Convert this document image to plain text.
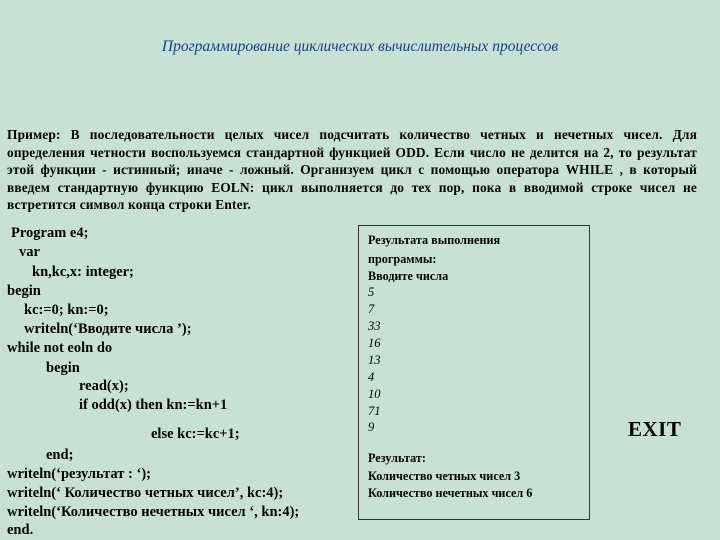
Программирование циклических вычислительных процессов
Пример: В последовательности целых чисел подсчитать количество четных и нечетных чисел. Для определения четности воспользуемся стандартной функцией ODD. Если число не делится на 2, то результат этой функции - истинный; иначе - ложный. Организуем цикл с помощью оператора WHILE , в который введем стандартную функцию EOLN: цикл выполняется до тех пор, пока в вводимой строке чисел не встретится символ конца строки Enter.
Program e4;
var
kn,kc,x: integer;
begin
kc:=0; kn:=0;
writeln(‘Вводите числа ’);
while not eoln do
begin
read(x);
if odd(x) then kn:=kn+1
else kc:=kc+1;
end;
writeln(‘результат : ‘);
writeln(‘ Количество четных чисел’, kc:4);
writeln(‘Количество нечетных чисел ‘, kn:4);
end.
Результата выполнения
программы:
Вводите числа
5
7
33
16
13
4
10
71
9
Результат:
Количество четных чисел 3
Количество нечетных чисел 6
EXIT
